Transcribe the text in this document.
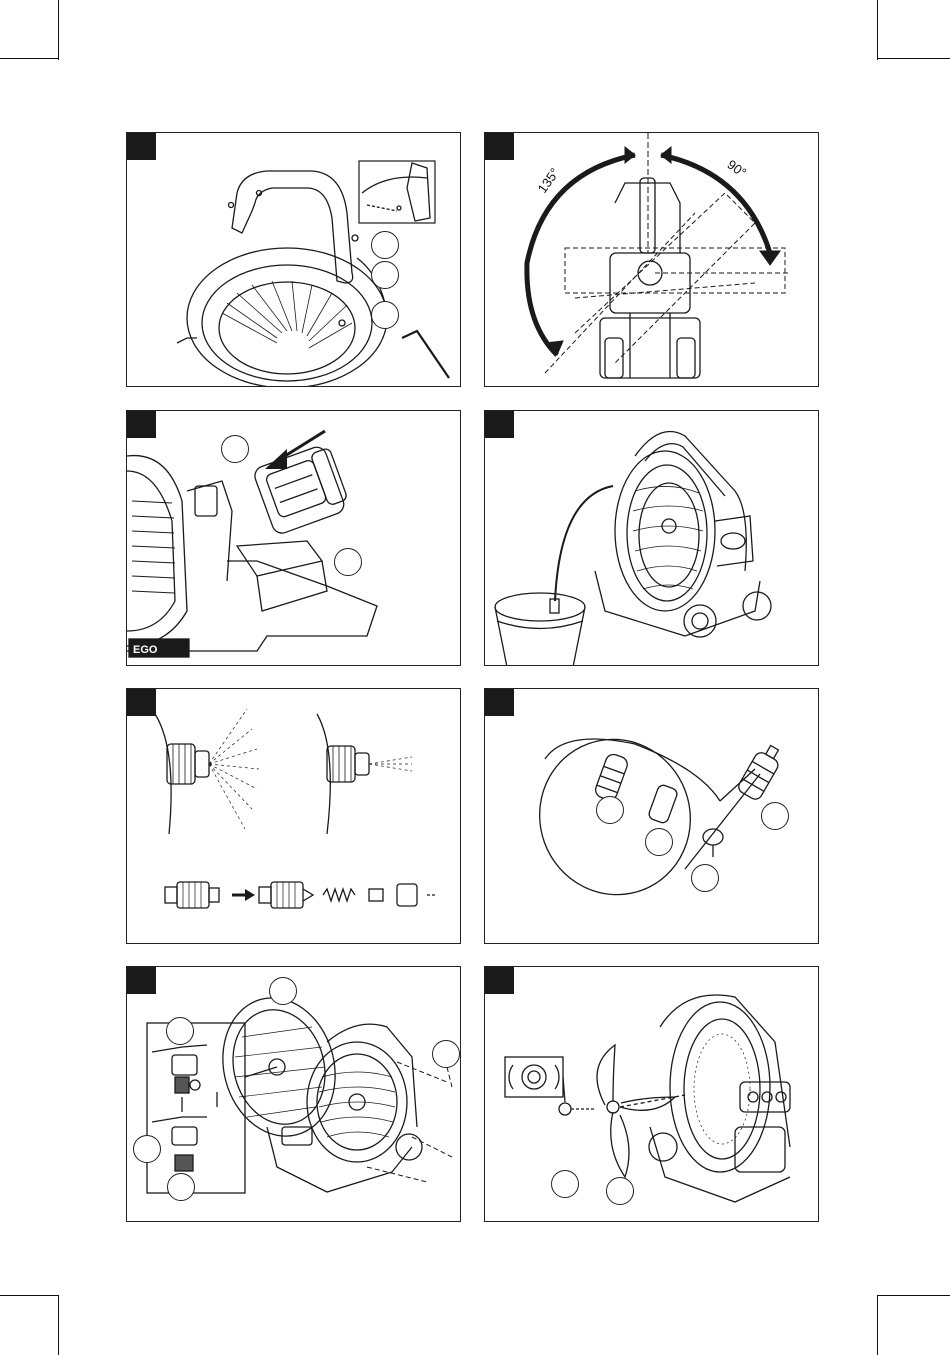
135°	90°
EGO
